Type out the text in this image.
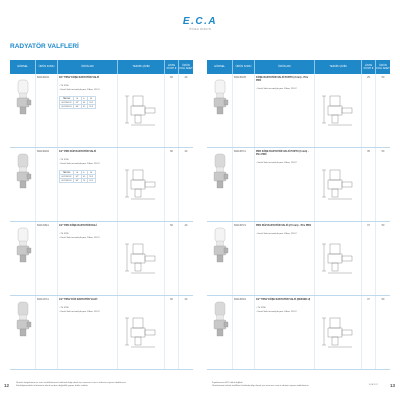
E.C.A
İTİNALI DİZAYN
RADYATÖR VALFLERİ
GÖRSEL	ÜRÜN KODU	ÜRÜN ADI	TEKNİK ÇİZİM
LİSTE FİYATI €
ÜRÜN KOLİ ADET
602130102	3/4" TRSV KÖŞE RADYATÖR VALFİ
• TS 3796
• Sıcak Sulu tesisat/çalışma: 10bar, 120°C
TEK NO	G	L	H
602130102	1/2"	46	59.5
602130103	3/4"	49	59.5
60	20
602130202	1/2" PRO DÜZ RADYATÖR VALFİ
• TS 3796
• Sıcak Sulu tesisat/çalışma: 10bar, 120°C
TEK NO	G	L	H
602130202	1/2"	69	59.5
602130203	3/4"	76	59.5
60	20
602131811	1/2" PRO KÖŞE RADYATÖR DALİ
• TS 3796
• Sıcak Sulu tesisat/çalışma: 10bar, 120°C
60	20
602131711	1/2" TRSV DÜZ RADYATÖR VALFİ
• TS 3796
• Sıcak Sulu tesisat/çalışma: 10bar, 120°C
60	20
GÖRSEL	ÜRÜN KODU	ÜRÜN ADI	TEKNİK ÇİZİM
LİSTE FİYATI €
ÜRÜN KOLİ ADET
602130105	KÖŞE RADYATÖR VALFİ PURTU (3 mm) - Ptrv PRO
• Sıcak Sulu tesisat/çalışma: 10bar, 120°C
25	50
602130711	PRO KÖŞE RADYATÖR VALFİ PURTU (3 mm) - Ptrv PRO
• Sıcak Sulu tesisat/çalışma: 10bar, 120°C
35	50
602130721	PRO DÜZ RADYATÖR VALFİ (2.5 mm) - Ptrv PRO
• Sıcak Sulu tesisat/çalışma: 10bar, 120°C
37	50
602130301	1/2" TRSV KÖŞE RADYATÖR VALFİ (DEKORLU)
• TS 3796
• Sıcak Sulu tesisat/çalışma: 10bar, 120°C
37	50
12	Ürünler belgelerimiz ve ürün sertifikalarımız hakkında bilgi almak için www.eca.com.tr adresini ziyaret edebilirsiniz.
Kataloğumuzdaki ürünlerimiz teknik açıdan değişiklik yapma hakkı saklıdır.
Fiyatlarımıza KDV dahil değildir.
Ürünlerimizin teknik özellikleri hakkında bilgi almak için www.eca.com.tr adresini ziyaret edebilirsiniz.
ECA 2017	13
